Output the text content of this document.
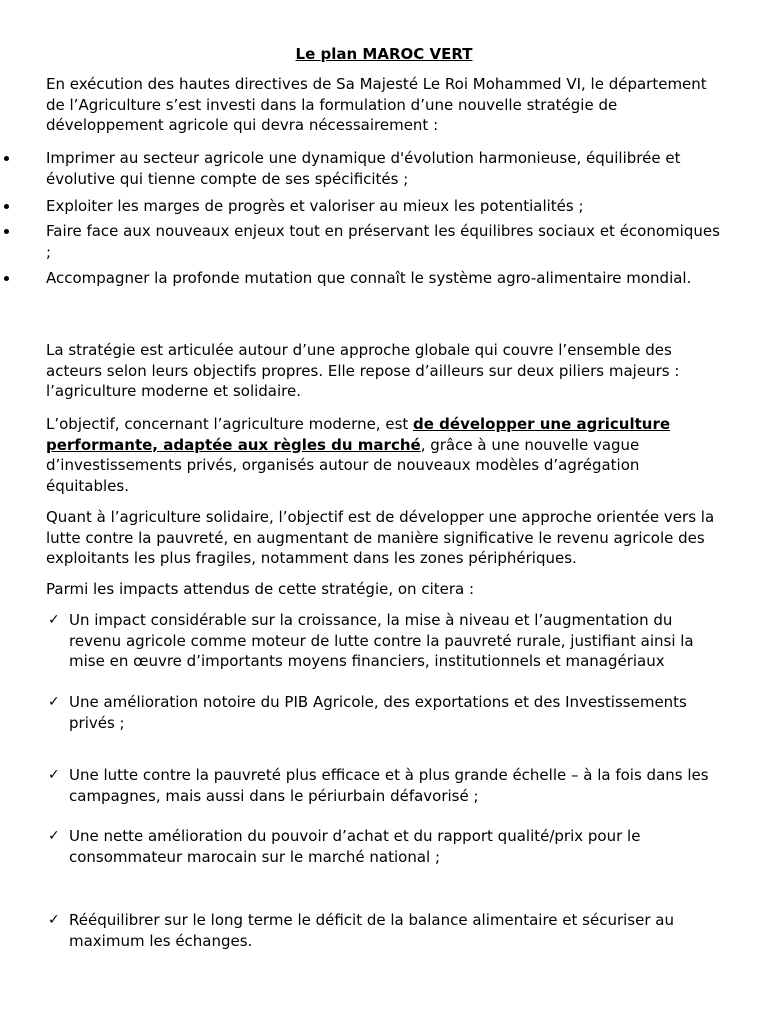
Le plan MAROC VERT

En exécution des hautes directives de Sa Majesté Le Roi Mohammed VI, le département de l’Agriculture s’est investi dans la formulation d’une nouvelle stratégie de développement agricole qui devra nécessairement :

Imprimer au secteur agricole une dynamique d'évolution harmonieuse, équilibrée et évolutive qui tienne compte de ses spécificités ;
Exploiter les marges de progrès et valoriser au mieux les potentialités ;
Faire face aux nouveaux enjeux tout en préservant les équilibres sociaux et économiques ;
Accompagner la profonde mutation que connaît le système agro-alimentaire mondial.

La stratégie est articulée autour d’une approche globale qui couvre l’ensemble des acteurs selon leurs objectifs propres. Elle repose d’ailleurs sur deux piliers majeurs : l’agriculture moderne et solidaire.

L’objectif, concernant l’agriculture moderne, est de développer une agriculture performante, adaptée aux règles du marché, grâce à une nouvelle vague d’investissements privés, organisés autour de nouveaux modèles d’agrégation équitables.

Quant à l’agriculture solidaire, l’objectif est de développer une approche orientée vers la lutte contre la pauvreté, en augmentant de manière significative le revenu agricole des exploitants les plus fragiles, notamment dans les zones périphériques.

Parmi les impacts attendus de cette stratégie, on citera :

✓ Un impact considérable sur la croissance, la mise à niveau et l’augmentation du revenu agricole comme moteur de lutte contre la pauvreté rurale, justifiant ainsi la mise en œuvre d’importants moyens financiers, institutionnels et managériaux
✓ Une amélioration notoire du PIB Agricole, des exportations et des Investissements privés ;
✓ Une lutte contre la pauvreté plus efficace et à plus grande échelle – à la fois dans les campagnes, mais aussi dans le périurbain défavorisé ;
✓ Une nette amélioration du pouvoir d’achat et du rapport qualité/prix pour le consommateur marocain sur le marché national ;
✓ Rééquilibrer sur le long terme le déficit de la balance alimentaire et sécuriser au maximum les échanges.
